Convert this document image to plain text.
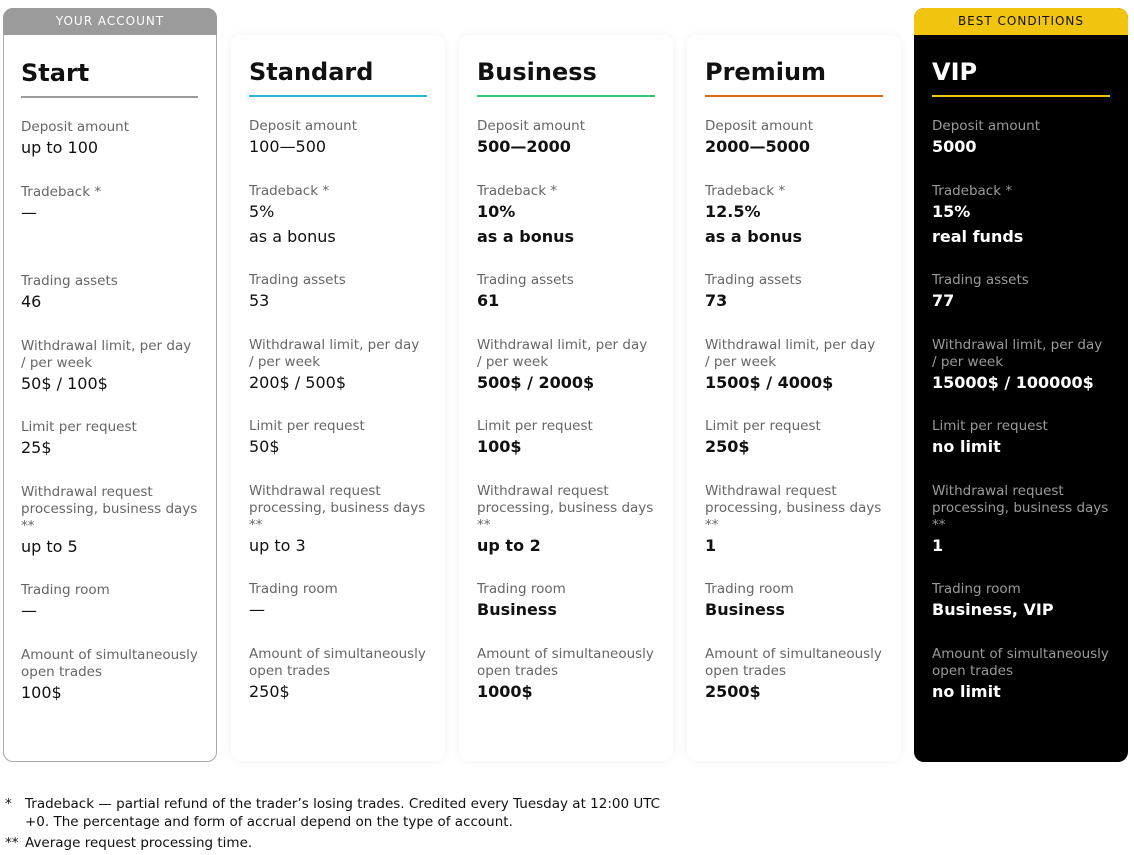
YOUR ACCOUNT
Start
Deposit amount
up to 100
Tradeback *
—
Trading assets
46
Withdrawal limit, per day / per week
50$ / 100$
Limit per request
25$
Withdrawal request processing, business days **
up to 5
Trading room
—
Amount of simultaneously open trades
100$
Standard
Deposit amount
100—500
Tradeback *
5%
as a bonus
Trading assets
53
Withdrawal limit, per day / per week
200$ / 500$
Limit per request
50$
Withdrawal request processing, business days **
up to 3
Trading room
—
Amount of simultaneously open trades
250$
Business
Deposit amount
500—2000
Tradeback *
10%
as a bonus
Trading assets
61
Withdrawal limit, per day / per week
500$ / 2000$
Limit per request
100$
Withdrawal request processing, business days **
up to 2
Trading room
Business
Amount of simultaneously open trades
1000$
Premium
Deposit amount
2000—5000
Tradeback *
12.5%
as a bonus
Trading assets
73
Withdrawal limit, per day / per week
1500$ / 4000$
Limit per request
250$
Withdrawal request processing, business days **
1
Trading room
Business
Amount of simultaneously open trades
2500$
BEST CONDITIONS
VIP
Deposit amount
5000
Tradeback *
15%
real funds
Trading assets
77
Withdrawal limit, per day / per week
15000$ / 100000$
Limit per request
no limit
Withdrawal request processing, business days **
1
Trading room
Business, VIP
Amount of simultaneously open trades
no limit
* Tradeback — partial refund of the trader’s losing trades. Credited every Tuesday at 12:00 UTC +0. The percentage and form of accrual depend on the type of account.
** Average request processing time.
